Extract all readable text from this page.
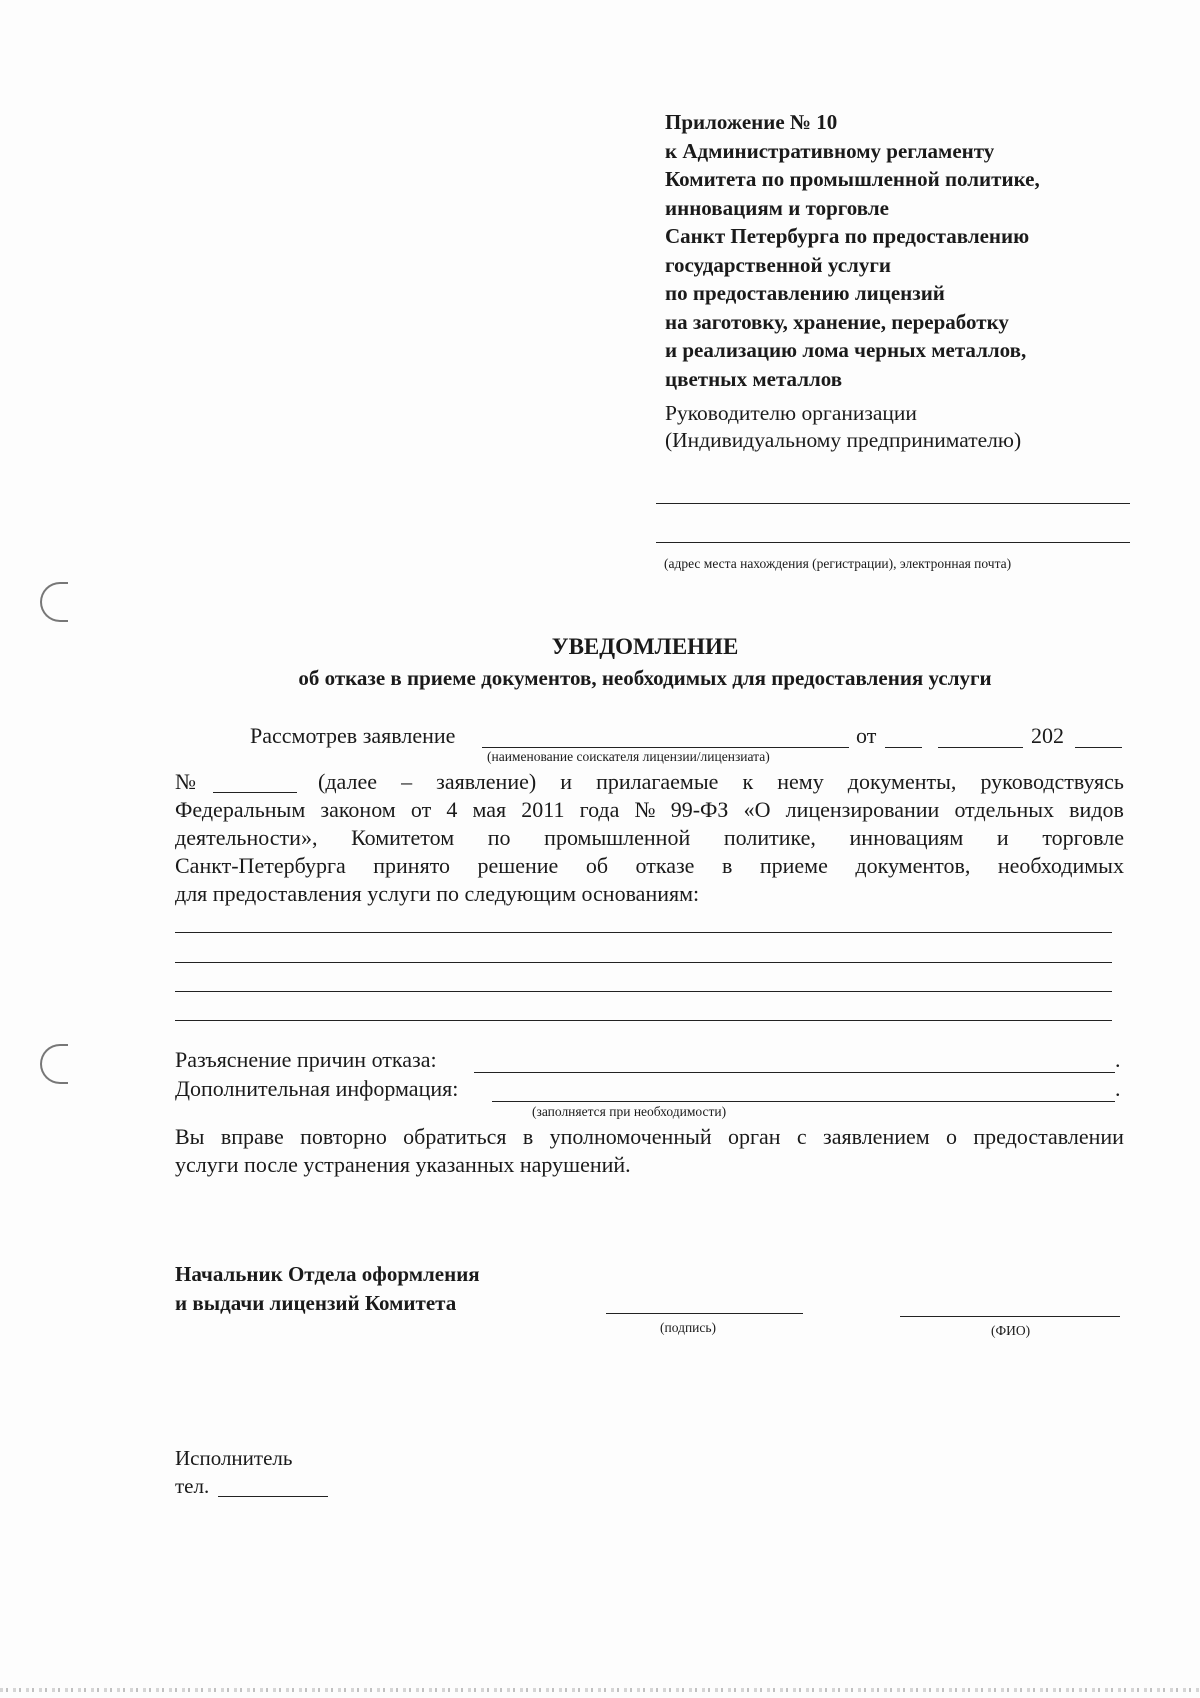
Приложение № 10
к Административному регламенту
Комитета по промышленной политике,
инновациям и торговле
Санкт Петербурга по предоставлению
государственной услуги
по предоставлению лицензий
на заготовку, хранение, переработку
и реализацию лома черных металлов,
цветных металлов
Руководителю организации
(Индивидуальному предпринимателю)
(адрес места нахождения (регистрации), электронная почта)
УВЕДОМЛЕНИЕ
об отказе в приеме документов, необходимых для предоставления услуги
Рассмотрев заявление	от	202
(наименование соискателя лицензии/лицензиата)
№	(далее – заявление) и прилагаемые к нему документы, руководствуясь
Федеральным законом от 4 мая 2011 года № 99-ФЗ «О лицензировании отдельных видов
деятельности», Комитетом по промышленной политике, инновациям и торговле
Санкт-Петербурга принято решение об отказе в приеме документов, необходимых
для предоставления услуги по следующим основаниям:
Разъяснение причин отказа:	.
Дополнительная информация:	.
(заполняется при необходимости)
Вы вправе повторно обратиться в уполномоченный орган с заявлением о предоставлении
услуги после устранения указанных нарушений.
Начальник Отдела оформления
и выдачи лицензий Комитета
(подпись)	(ФИО)
Исполнитель
тел.
